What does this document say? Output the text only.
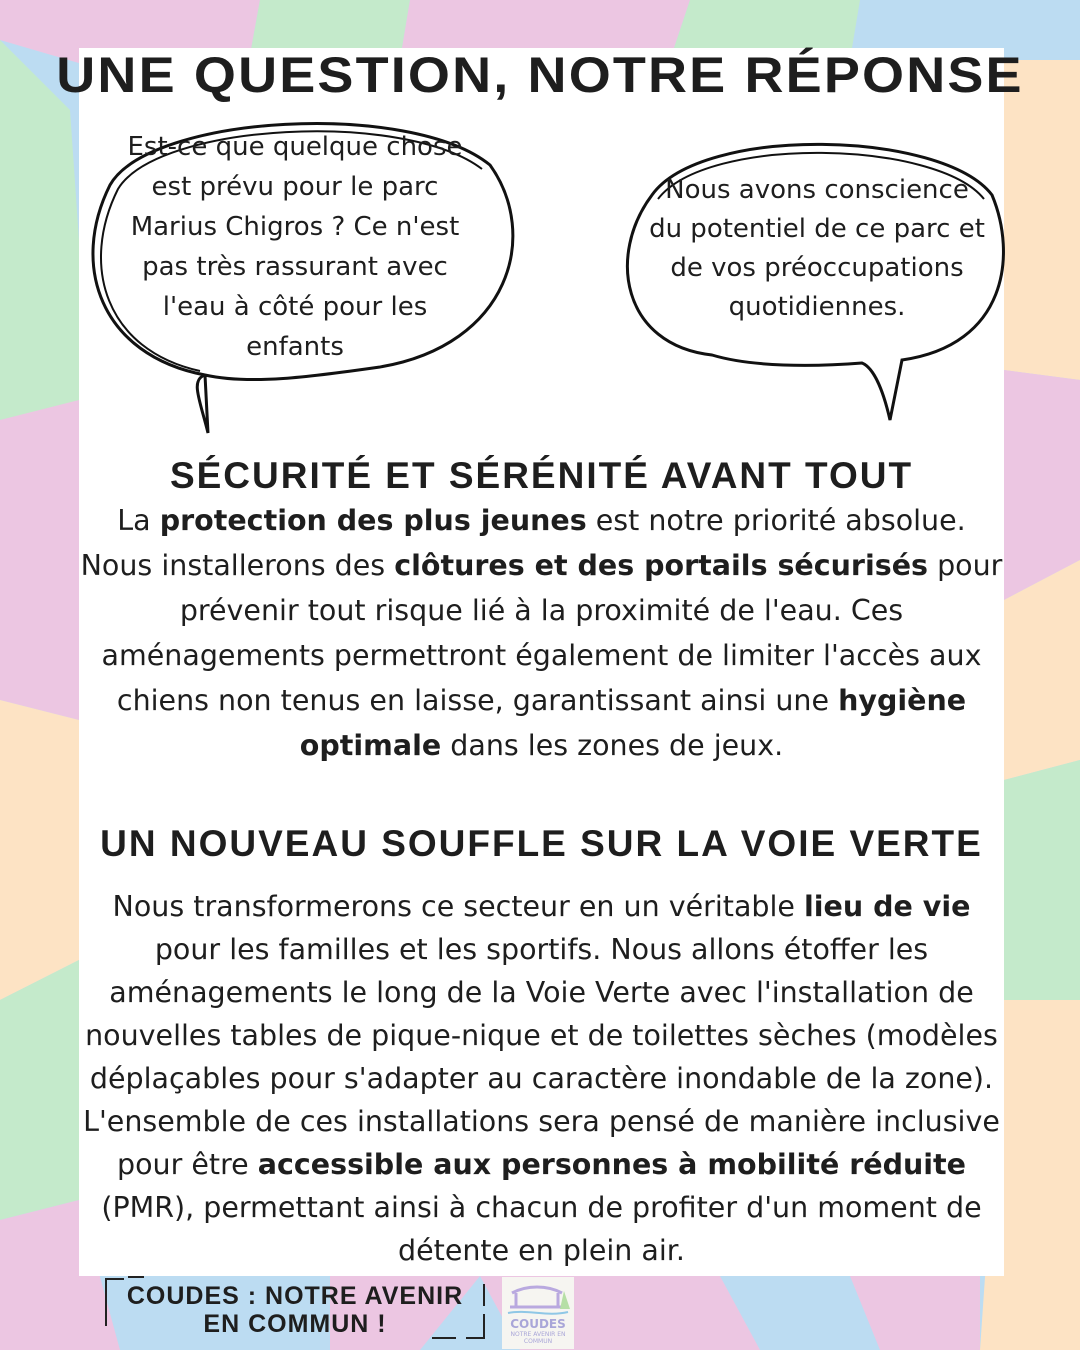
UNE QUESTION, NOTRE RÉPONSE
Est-ce que quelque chose est prévu pour le parc Marius Chigros ? Ce n'est pas très rassurant avec l'eau à côté pour les enfants
Nous avons conscience du potentiel de ce parc et de vos préoccupations quotidiennes.
SÉCURITÉ ET SÉRÉNITÉ AVANT TOUT

La protection des plus jeunes est notre priorité absolue. Nous installerons des clôtures et des portails sécurisés pour prévenir tout risque lié à la proximité de l'eau. Ces aménagements permettront également de limiter l'accès aux chiens non tenus en laisse, garantissant ainsi une hygiène optimale dans les zones de jeux.

UN NOUVEAU SOUFFLE SUR LA VOIE VERTE

Nous transformerons ce secteur en un véritable lieu de vie pour les familles et les sportifs. Nous allons étoffer les aménagements le long de la Voie Verte avec l'installation de nouvelles tables de pique-nique et de toilettes sèches (modèles déplaçables pour s'adapter au caractère inondable de la zone). L'ensemble de ces installations sera pensé de manière inclusive pour être accessible aux personnes à mobilité réduite (PMR), permettant ainsi à chacun de profiter d'un moment de détente en plein air.

COUDES : NOTRE AVENIR
EN COMMUN !	COUDES
NOTRE AVENIR EN COMMUN
